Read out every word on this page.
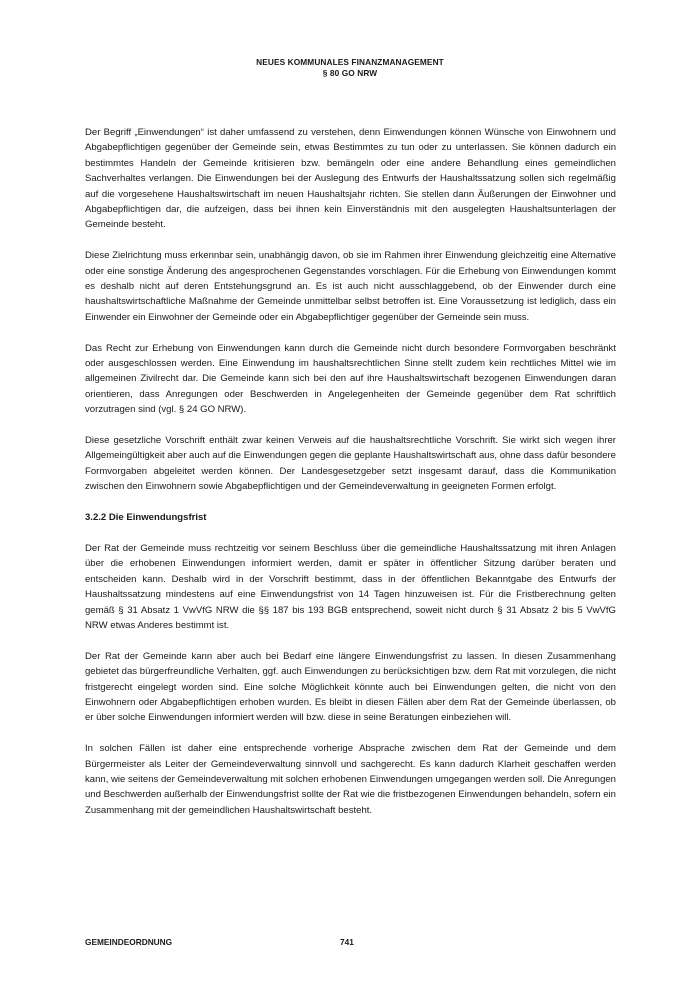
NEUES KOMMUNALES FINANZMANAGEMENT
§ 80 GO NRW

Der Begriff „Einwendungen“ ist daher umfassend zu verstehen, denn Einwendungen können Wünsche von Einwohnern und Abgabepflichtigen gegenüber der Gemeinde sein, etwas Bestimmtes zu tun oder zu unterlassen. Sie können dadurch ein bestimmtes Handeln der Gemeinde kritisieren bzw. bemängeln oder eine andere Behandlung eines gemeindlichen Sachverhaltes verlangen. Die Einwendungen bei der Auslegung des Entwurfs der Haushaltssatzung sollen sich regelmäßig auf die vorgesehene Haushaltswirtschaft im neuen Haushaltsjahr richten. Sie stellen dann Äußerungen der Einwohner und Abgabepflichtigen dar, die aufzeigen, dass bei ihnen kein Einverständnis mit den ausgelegten Haushaltsunterlagen der Gemeinde besteht.

Diese Zielrichtung muss erkennbar sein, unabhängig davon, ob sie im Rahmen ihrer Einwendung gleichzeitig eine Alternative oder eine sonstige Änderung des angesprochenen Gegenstandes vorschlagen. Für die Erhebung von Einwendungen kommt es deshalb nicht auf deren Entstehungsgrund an. Es ist auch nicht ausschlaggebend, ob der Einwender durch eine haushaltswirtschaftliche Maßnahme der Gemeinde unmittelbar selbst betroffen ist. Eine Voraussetzung ist lediglich, dass ein Einwender ein Einwohner der Gemeinde oder ein Abgabepflichtiger gegenüber der Gemeinde sein muss.

Das Recht zur Erhebung von Einwendungen kann durch die Gemeinde nicht durch besondere Formvorgaben beschränkt oder ausgeschlossen werden. Eine Einwendung im haushaltsrechtlichen Sinne stellt zudem kein rechtliches Mittel wie im allgemeinen Zivilrecht dar. Die Gemeinde kann sich bei den auf ihre Haushaltswirtschaft bezogenen Einwendungen daran orientieren, dass Anregungen oder Beschwerden in Angelegenheiten der Gemeinde gegenüber dem Rat schriftlich vorzutragen sind (vgl. § 24 GO NRW).

Diese gesetzliche Vorschrift enthält zwar keinen Verweis auf die haushaltsrechtliche Vorschrift. Sie wirkt sich wegen ihrer Allgemeingültigkeit aber auch auf die Einwendungen gegen die geplante Haushaltswirtschaft aus, ohne dass dafür besondere Formvorgaben abgeleitet werden können. Der Landesgesetzgeber setzt insgesamt darauf, dass die Kommunikation zwischen den Einwohnern sowie Abgabepflichtigen und der Gemeindeverwaltung in geeigneten Formen erfolgt.

3.2.2 Die Einwendungsfrist

Der Rat der Gemeinde muss rechtzeitig vor seinem Beschluss über die gemeindliche Haushaltssatzung mit ihren Anlagen über die erhobenen Einwendungen informiert werden, damit er später in öffentlicher Sitzung darüber beraten und entscheiden kann. Deshalb wird in der Vorschrift bestimmt, dass in der öffentlichen Bekanntgabe des Entwurfs der Haushaltssatzung mindestens auf eine Einwendungsfrist von 14 Tagen hinzuweisen ist. Für die Fristberechnung gelten gemäß § 31 Absatz 1 VwVfG NRW die §§ 187 bis 193 BGB entsprechend, soweit nicht durch § 31 Absatz 2 bis 5 VwVfG NRW etwas Anderes bestimmt ist.

Der Rat der Gemeinde kann aber auch bei Bedarf eine längere Einwendungsfrist zu lassen. In diesen Zusammenhang gebietet das bürgerfreundliche Verhalten, ggf. auch Einwendungen zu berücksichtigen bzw. dem Rat mit vorzulegen, die nicht fristgerecht eingelegt worden sind. Eine solche Möglichkeit könnte auch bei Einwendungen gelten, die nicht von den Einwohnern oder Abgabepflichtigen erhoben wurden. Es bleibt in diesen Fällen aber dem Rat der Gemeinde überlassen, ob er über solche Einwendungen informiert werden will bzw. diese in seine Beratungen einbeziehen will.

In solchen Fällen ist daher eine entsprechende vorherige Absprache zwischen dem Rat der Gemeinde und dem Bürgermeister als Leiter der Gemeindeverwaltung sinnvoll und sachgerecht. Es kann dadurch Klarheit geschaffen werden kann, wie seitens der Gemeindeverwaltung mit solchen erhobenen Einwendungen umgegangen werden soll. Die Anregungen und Beschwerden außerhalb der Einwendungsfrist sollte der Rat wie die fristbezogenen Einwendungen behandeln, sofern ein Zusammenhang mit der gemeindlichen Haushaltswirtschaft besteht.

GEMEINDEORDNUNG	741
